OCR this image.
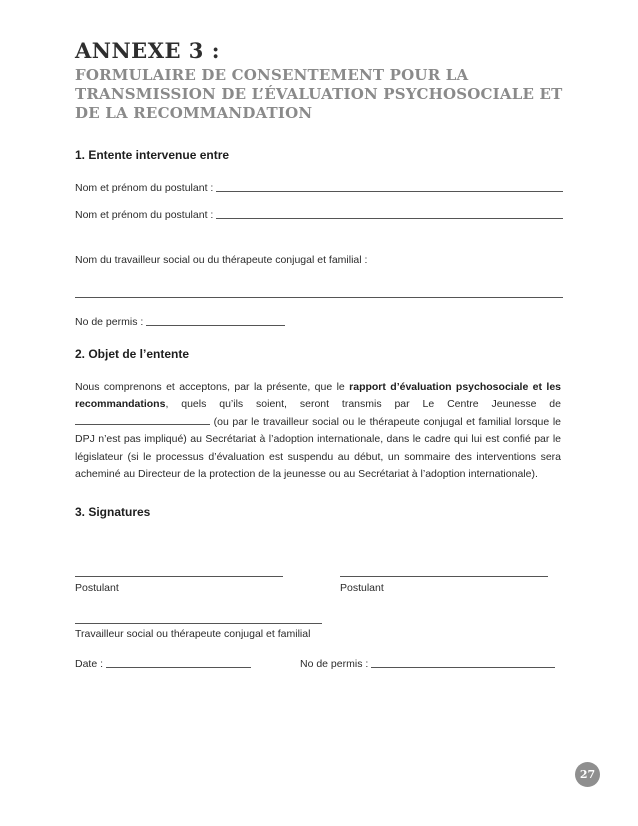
ANNEXE 3 :
FORMULAIRE DE CONSENTEMENT POUR LA TRANSMISSION DE L’ÉVALUATION PSYCHOSOCIALE ET DE LA RECOMMANDATION
1. Entente intervenue entre
Nom et prénom du postulant :
Nom et prénom du postulant :
Nom du travailleur social ou du thérapeute conjugal et familial :
No de permis :
2. Objet de l’entente
Nous comprenons et acceptons, par la présente, que le rapport d’évaluation psychosociale et les recommandations, quels qu’ils soient, seront transmis par Le Centre Jeunesse de  (ou par le travailleur social ou le thérapeute conjugal et familial lorsque le DPJ n’est pas impliqué) au Secrétariat à l’adoption internationale, dans le cadre qui lui est confié par le législateur (si le processus d’évaluation est suspendu au début, un sommaire des interventions sera acheminé au Directeur de la protection de la jeunesse ou au Secrétariat à l’adoption internationale).
3. Signatures
Postulant	Postulant
Travailleur social ou thérapeute conjugal et familial
Date :	No de permis :
27
